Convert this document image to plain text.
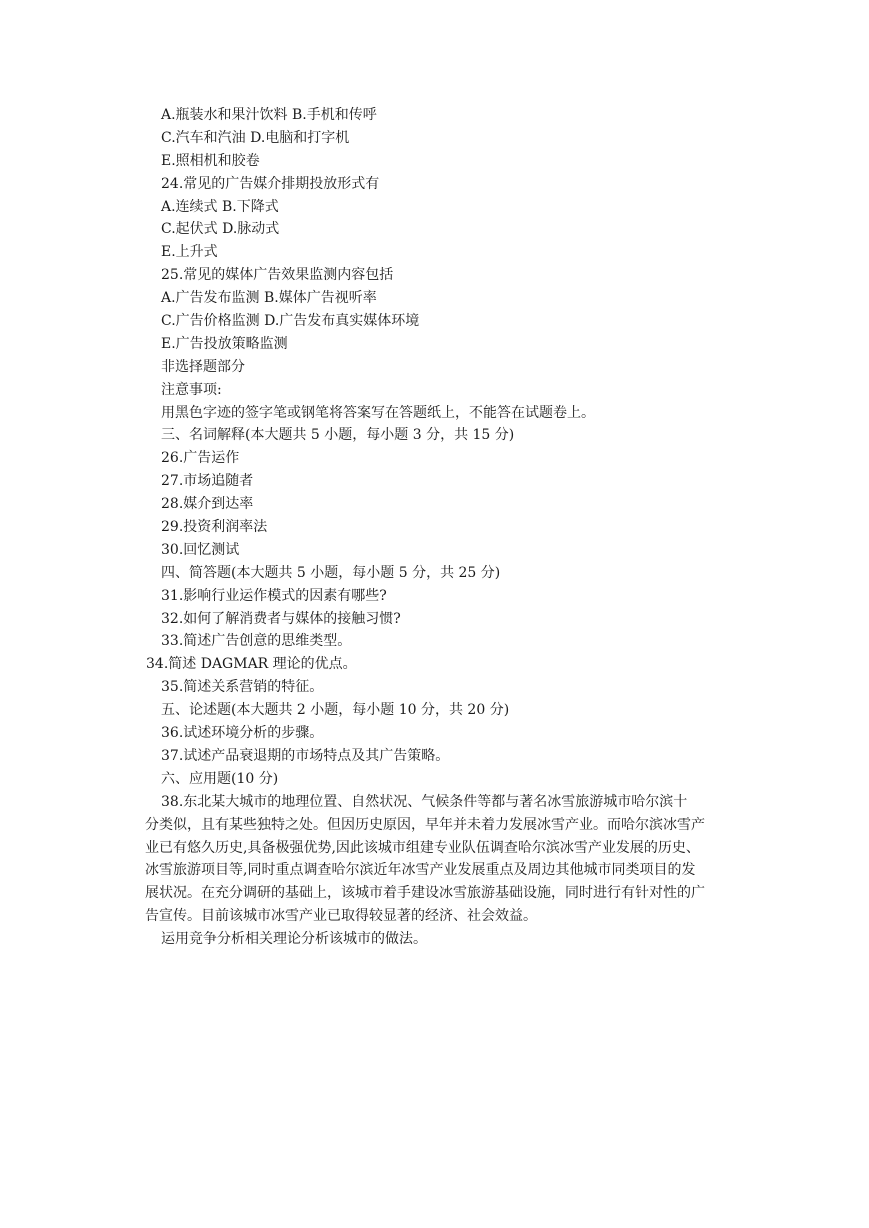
A.瓶装水和果汁饮料 B.手机和传呼
C.汽车和汽油 D.电脑和打字机
E.照相机和胶卷
24.常见的广告媒介排期投放形式有
A.连续式 B.下降式
C.起伏式 D.脉动式
E.上升式
25.常见的媒体广告效果监测内容包括
A.广告发布监测 B.媒体广告视听率
C.广告价格监测 D.广告发布真实媒体环境
E.广告投放策略监测
非选择题部分
注意事项:
用黑色字迹的签字笔或钢笔将答案写在答题纸上，不能答在试题卷上。
三、名词解释(本大题共 5 小题，每小题 3 分，共 15 分)
26.广告运作
27.市场追随者
28.媒介到达率
29.投资利润率法
30.回忆测试
四、简答题(本大题共 5 小题，每小题 5 分，共 25 分)
31.影响行业运作模式的因素有哪些?
32.如何了解消费者与媒体的接触习惯?
33.简述广告创意的思维类型。
34.简述 DAGMAR 理论的优点。
35.简述关系营销的特征。
五、论述题(本大题共 2 小题，每小题 10 分，共 20 分)
36.试述环境分析的步骤。
37.试述产品衰退期的市场特点及其广告策略。
六、应用题(10 分)
38.东北某大城市的地理位置、自然状况、气候条件等都与著名冰雪旅游城市哈尔滨十
分类似，且有某些独特之处。但因历史原因，早年并未着力发展冰雪产业。而哈尔滨冰雪产
业已有悠久历史,具备极强优势,因此该城市组建专业队伍调查哈尔滨冰雪产业发展的历史、
冰雪旅游项目等,同时重点调查哈尔滨近年冰雪产业发展重点及周边其他城市同类项目的发
展状况。在充分调研的基础上，该城市着手建设冰雪旅游基础设施，同时进行有针对性的广
告宣传。目前该城市冰雪产业已取得较显著的经济、社会效益。
运用竞争分析相关理论分析该城市的做法。
